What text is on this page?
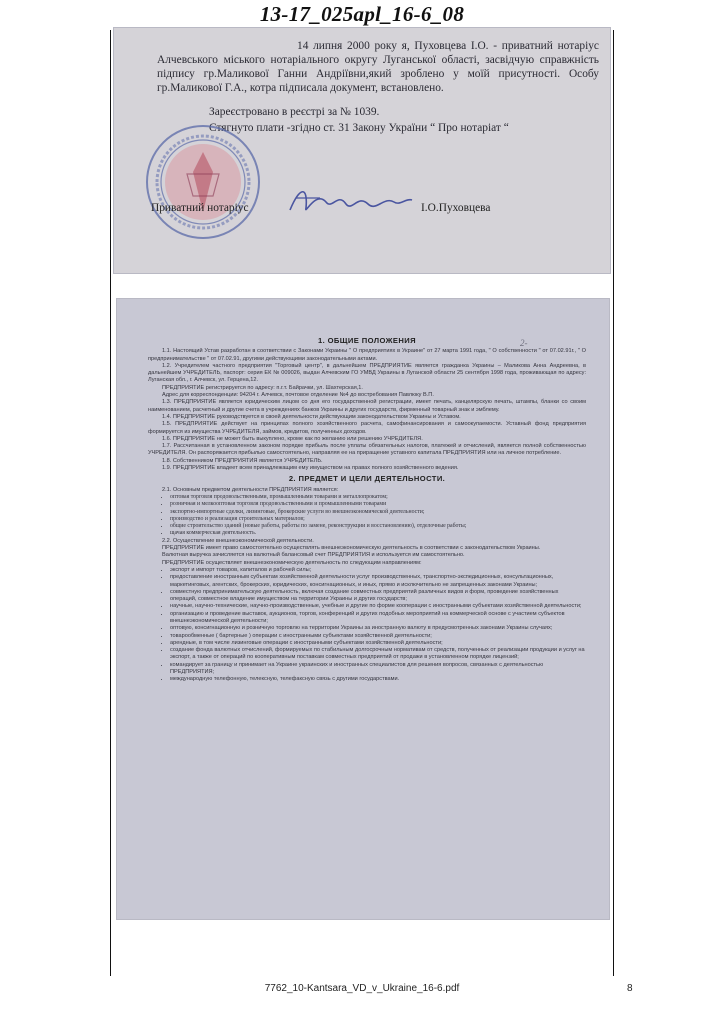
13-17_025apl_16-6_08

14 липня 2000 року я, Пуховцева І.О. - приватний нотаріус Алчевського міського нотаріального округу Луганської області, засвідчую справжність підпису гр.Маликової Ганни Андріївни,який зроблено у моїй присутності. Особу гр.Маликової Г.А., котра підписала документ, встановлено.

Зареєстровано в реєстрі за № 1039.

Стягнуто плати -згідно ст. 31 Закону України “ Про нотаріат “

Приватний нотаріус	І.О.Пуховцева
2-

1. ОБЩИЕ ПОЛОЖЕНИЯ

1.1. Настоящий Устав разработан в соответствии с Законами Украины " О предприятиях в Украине" от 27 марта 1991 года, " О собственности " от 07.02.91г., " О предпринимательстве " от 07.02.91, другими действующими законодательными актами.

1.2. Учредителем частного предприятия "Торговый центр", в дальнейшем ПРЕДПРИЯТИЕ является гражданка Украины – Маликова Анна Андреевна, в дальнейшем УЧРЕДИТЕЛЬ, паспорт: серия ЕК № 009026, выдан Алчевским ГО УМВД Украины в Луганской области 25 сентября 1998 года, проживающая по адресу: Луганская обл., г. Алчевск, ул. Герцена,12.

ПРЕДПРИЯТИЕ регистрируется по адресу: п.г.т. Байрачки, ул. Шахтерская,1.

Адрес для корреспонденции: 94204 г. Алчевск, почтовое отделение №4 до востребования Павлюку В.П.

1.3. ПРЕДПРИЯТИЕ является юридическим лицом со дня его государственной регистрации, имеет печать, канцелярскую печать, штампы, бланки со своим наименованием, расчетный и другие счета в учреждениях банков Украины и других государств, фирменный товарный знак и эмблему.

1.4. ПРЕДПРИЯТИЕ руководствуется в своей деятельности действующим законодательством Украины и Уставом.

1.5. ПРЕДПРИЯТИЕ действует на принципах полного хозяйственного расчета, самофинансирования и самоокупаемости. Уставный фонд предприятия формируется из имущества УЧРЕДИТЕЛЯ, займов, кредитов, полученных доходов.

1.6. ПРЕДПРИЯТИЕ не может быть выкуплено, кроме как по желанию или решению УЧРЕДИТЕЛЯ.

1.7. Рассчитанная в установленном законом порядке прибыль после уплаты обязательных налогов, платежей и отчислений, является полной собственностью УЧРЕДИТЕЛЯ. Он распоряжается прибылью самостоятельно, направляя ее на приращение уставного капитала ПРЕДПРИЯТИЯ или на личное потребление.

1.8. Собственником ПРЕДПРИЯТИЯ является УЧРЕДИТЕЛЬ.

1.9. ПРЕДПРИЯТИЕ владеет всем принадлежащим ему имуществом на правах полного хозяйственного ведения.

2. ПРЕДМЕТ И ЦЕЛИ ДЕЯТЕЛЬНОСТИ.

2.1. Основным предметом деятельности ПРЕДПРИЯТИЯ является:

• оптовая торговля продовольственными, промышленными товарами и металлопрокатом;
• розничная и мелкооптовая торговля продовольственными и промышленными товарами
• экспортно-импортные сделки, лизинговые, брокерские услуги во внешнеэкономической деятельности;
• производство и реализация строительных материалов;
• общие строительство зданий (новые работы, работы по замене, реконструкции и восстановлению), отделочные работы;
• щачая коммерческая деятельность.

2.2. Осуществление внешнеэкономической деятельности.

ПРЕДПРИЯТИЕ имеет право самостоятельно осуществлять внешнеэкономическую деятельность в соответствии с законодательством Украины.

Валютная выручка зачисляется на валютный балансовый счет ПРЕДПРИЯТИЯ и используется им самостоятельно.

ПРЕДПРИЯТИЕ осуществляет внешнеэкономическую деятельность по следующим направлениям:

• экспорт и импорт товаров, капиталов и рабочей силы;
• предоставление иностранным субъектам хозяйственной деятельности услуг производственных, транспортно-экспедиционных, консультационных, маркетинговых, агентских, брокерских, юридических, консигнационных, и иных, прямо и исключительно не запрещенных законами Украины;
• совместную предпринимательскую деятельность, включая создание совместных предприятий различных видов и форм, проведение хозяйственных операций, совместное владение имуществом на территории Украины и других государств;
• научные, научно-технические, научно-производственные, учебные и другие по форме кооперации с иностранными субъектами хозяйственной деятельности;
• организацию и проведение выставок, аукционов, торгов, конференций и других подобных мероприятий на коммерческой основе с участием субъектов внешнеэкономической деятельности;
• оптовую, консигнационную и розничную торговлю на территории Украины за иностранную валюту в предусмотренных законами Украины случаях;
• товарообменные ( бартерные ) операции с иностранными субъектами хозяйственной деятельности;
• арендные, в том числе лизинговые операции с иностранными субъектами хозяйственной деятельности;
• создание фонда валютных отчислений, формируемых по стабильным долгосрочным нормативам от средств, полученных от реализации продукции и услуг на экспорт, а также от операций по кооперативным поставкам совместных предприятий от продажи в установленном порядке лицензий;
• командирует за границу и принимает на Украине украинских и иностранных специалистов для решения вопросов, связанных с деятельностью ПРЕДПРИЯТИЯ;
• международную телефонную, телексную, телефаксную связь с другими государствами.
7762_10-Kantsara_VD_v_Ukraine_16-6.pdf	8
